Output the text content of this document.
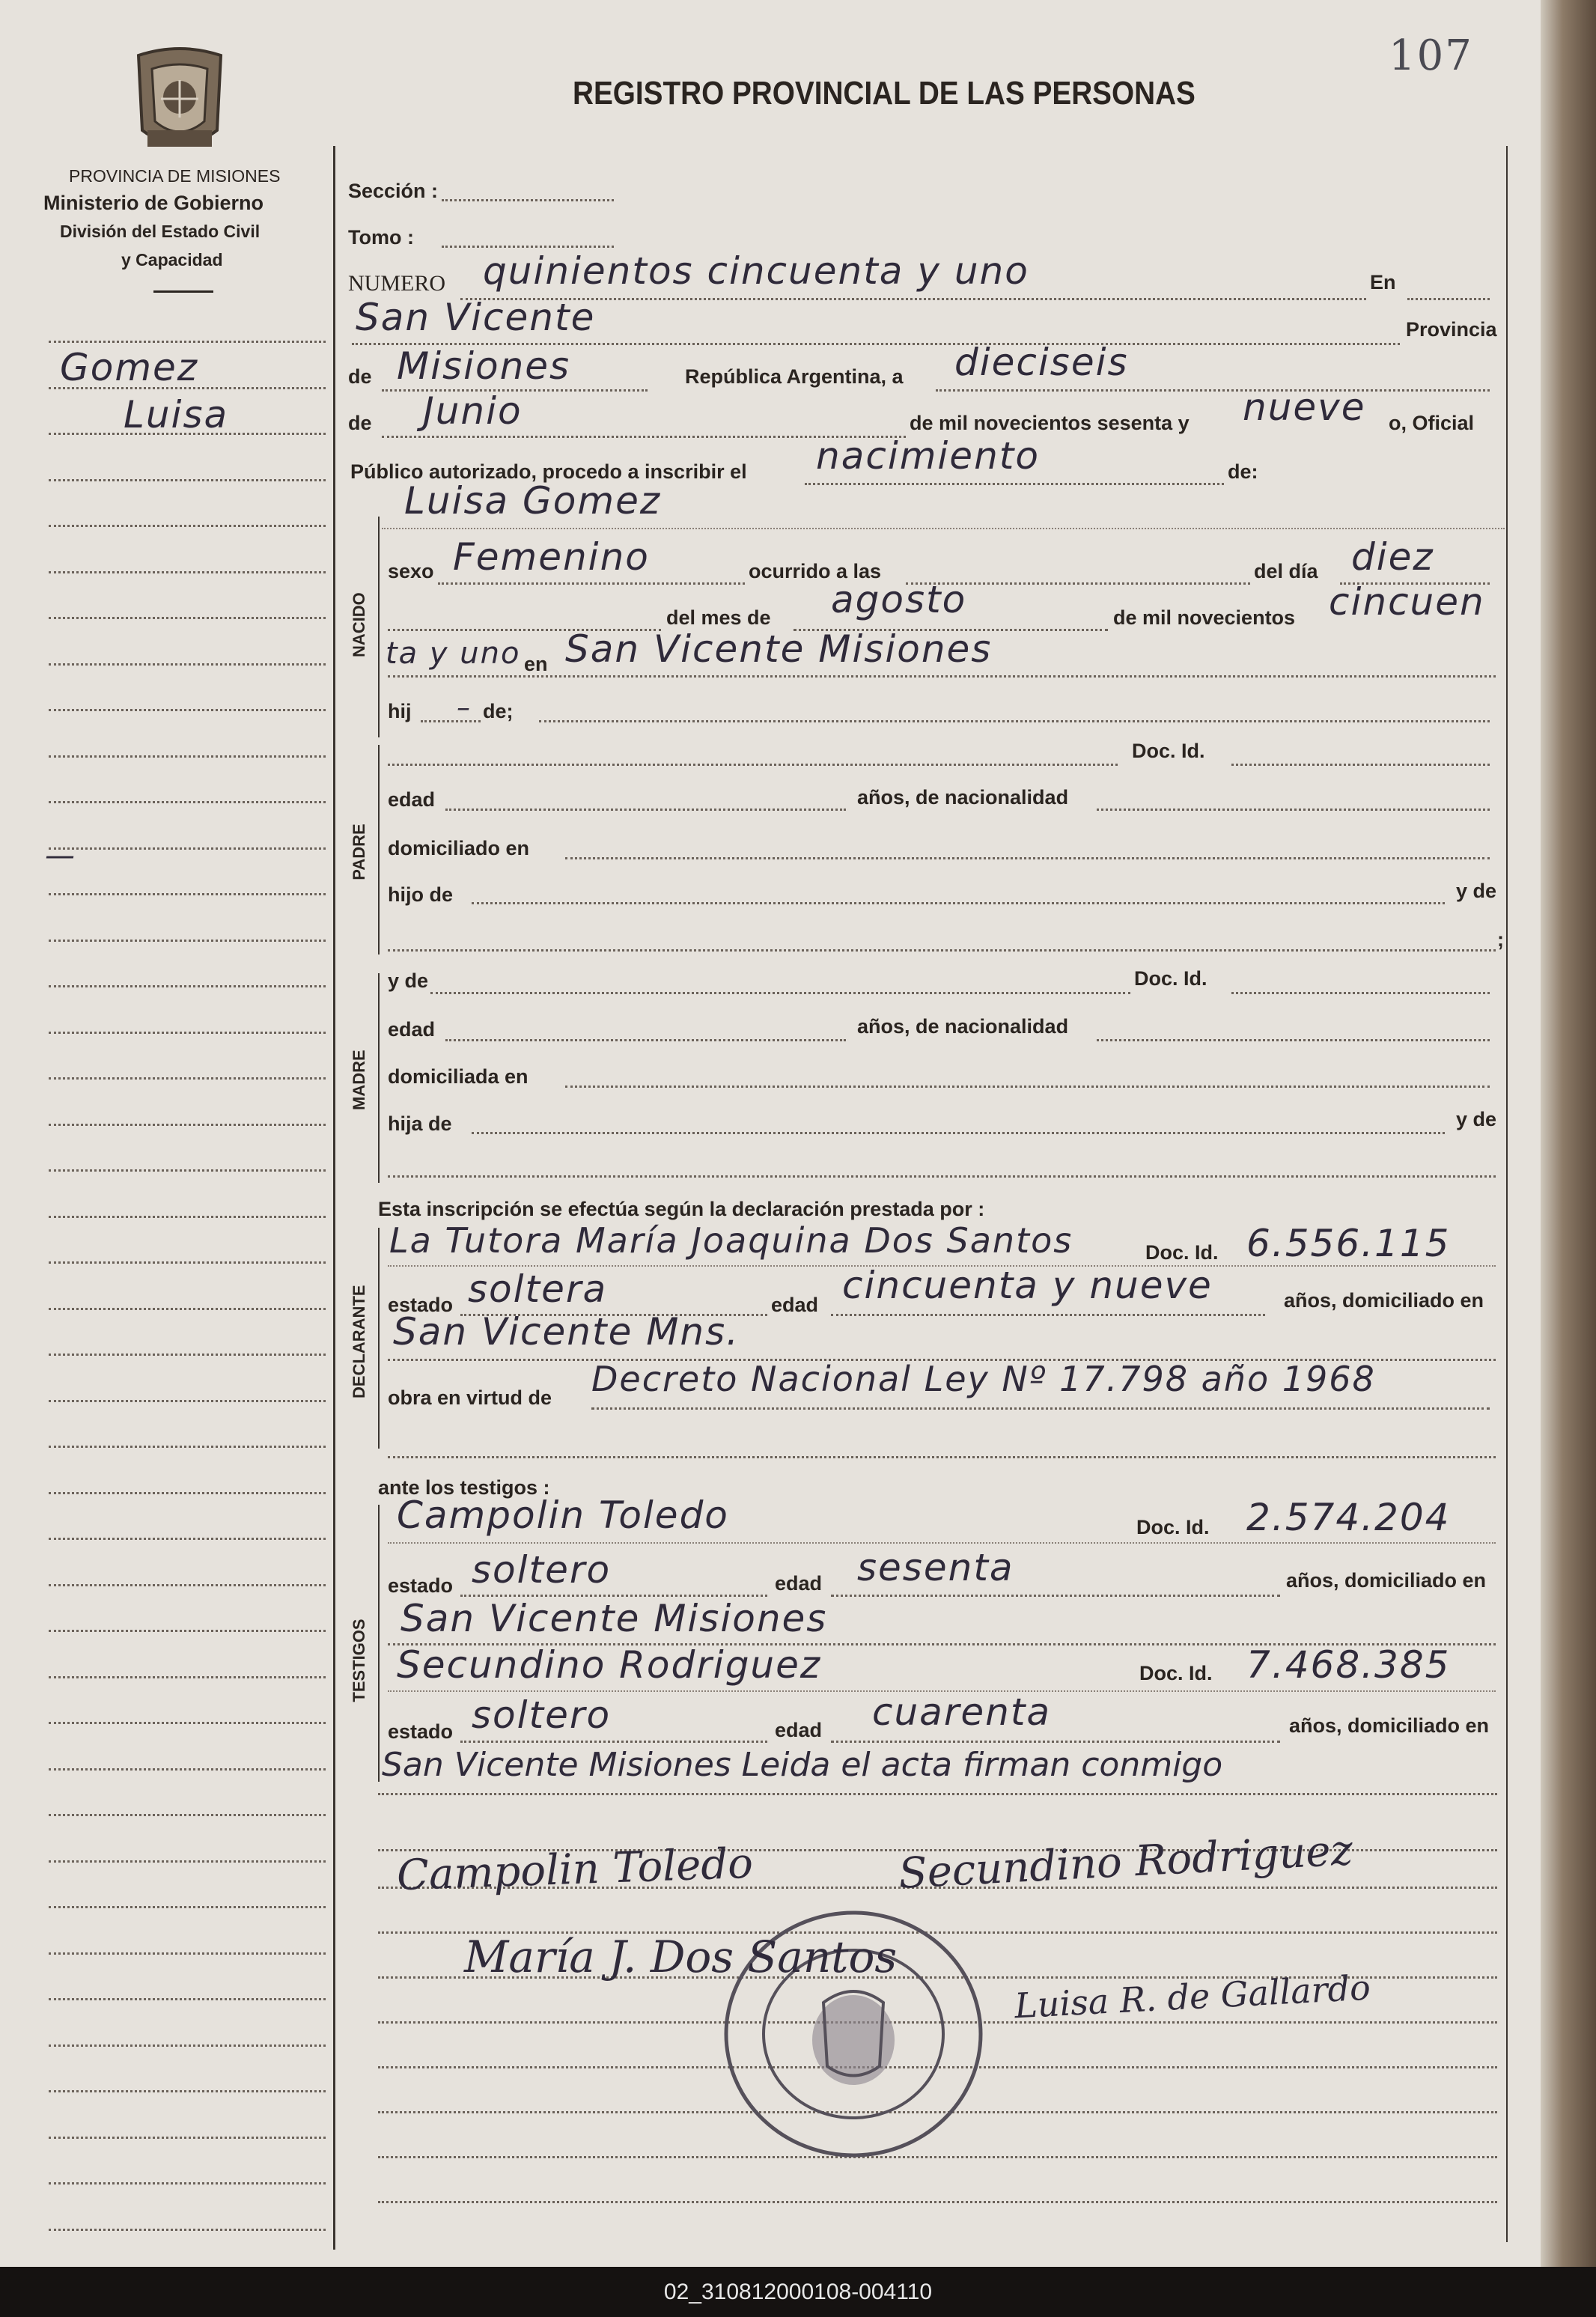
REGISTRO PROVINCIAL DE LAS PERSONAS
107
PROVINCIA DE MISIONES
Ministerio de Gobierno
División del Estado Civil
y Capacidad
Gomez
Luisa
—
NACIDO
PADRE
MADRE
DECLARANTE
TESTIGOS
Sección :
Tomo :
NUMERO quinientos cincuenta y uno	En
San Vicente	Provincia
de Misiones	República Argentina, a dieciseis
de Junio	de mil novecientos sesenta y nueve o, Oficial
Público autorizado, procedo a inscribir el nacimiento	de:
Luisa Gomez
sexo Femenino	ocurrido a las	del día diez
del mes de agosto	de mil novecientos cincuen
ta y uno en San Vicente Misiones
hij – de;
Doc. Id.
edad	años, de nacionalidad
domiciliado en
hijo de	y de
;
y de	Doc. Id.
edad	años, de nacionalidad
domiciliada en
hija de	y de
Esta inscripción se efectúa según la declaración prestada por :
La Tutora María Joaquina Dos Santos	Doc. Id. 6.556.115
estado soltera	edad cincuenta y nueve	años, domiciliado en
San Vicente Mns.
obra en virtud de Decreto Nacional Ley Nº 17.798 año 1968
ante los testigos :
Campolin Toledo	Doc. Id. 2.574.204
estado soltero	edad sesenta	años, domiciliado en
San Vicente Misiones
Secundino Rodriguez	Doc. Id. 7.468.385
estado soltero	edad cuarenta	años, domiciliado en
San Vicente Misiones Leida el acta firman conmigo
Campolin Toledo	Secundino Rodriguez
María J. Dos Santos
Luisa R. de Gallardo
02_310812000108-004110
